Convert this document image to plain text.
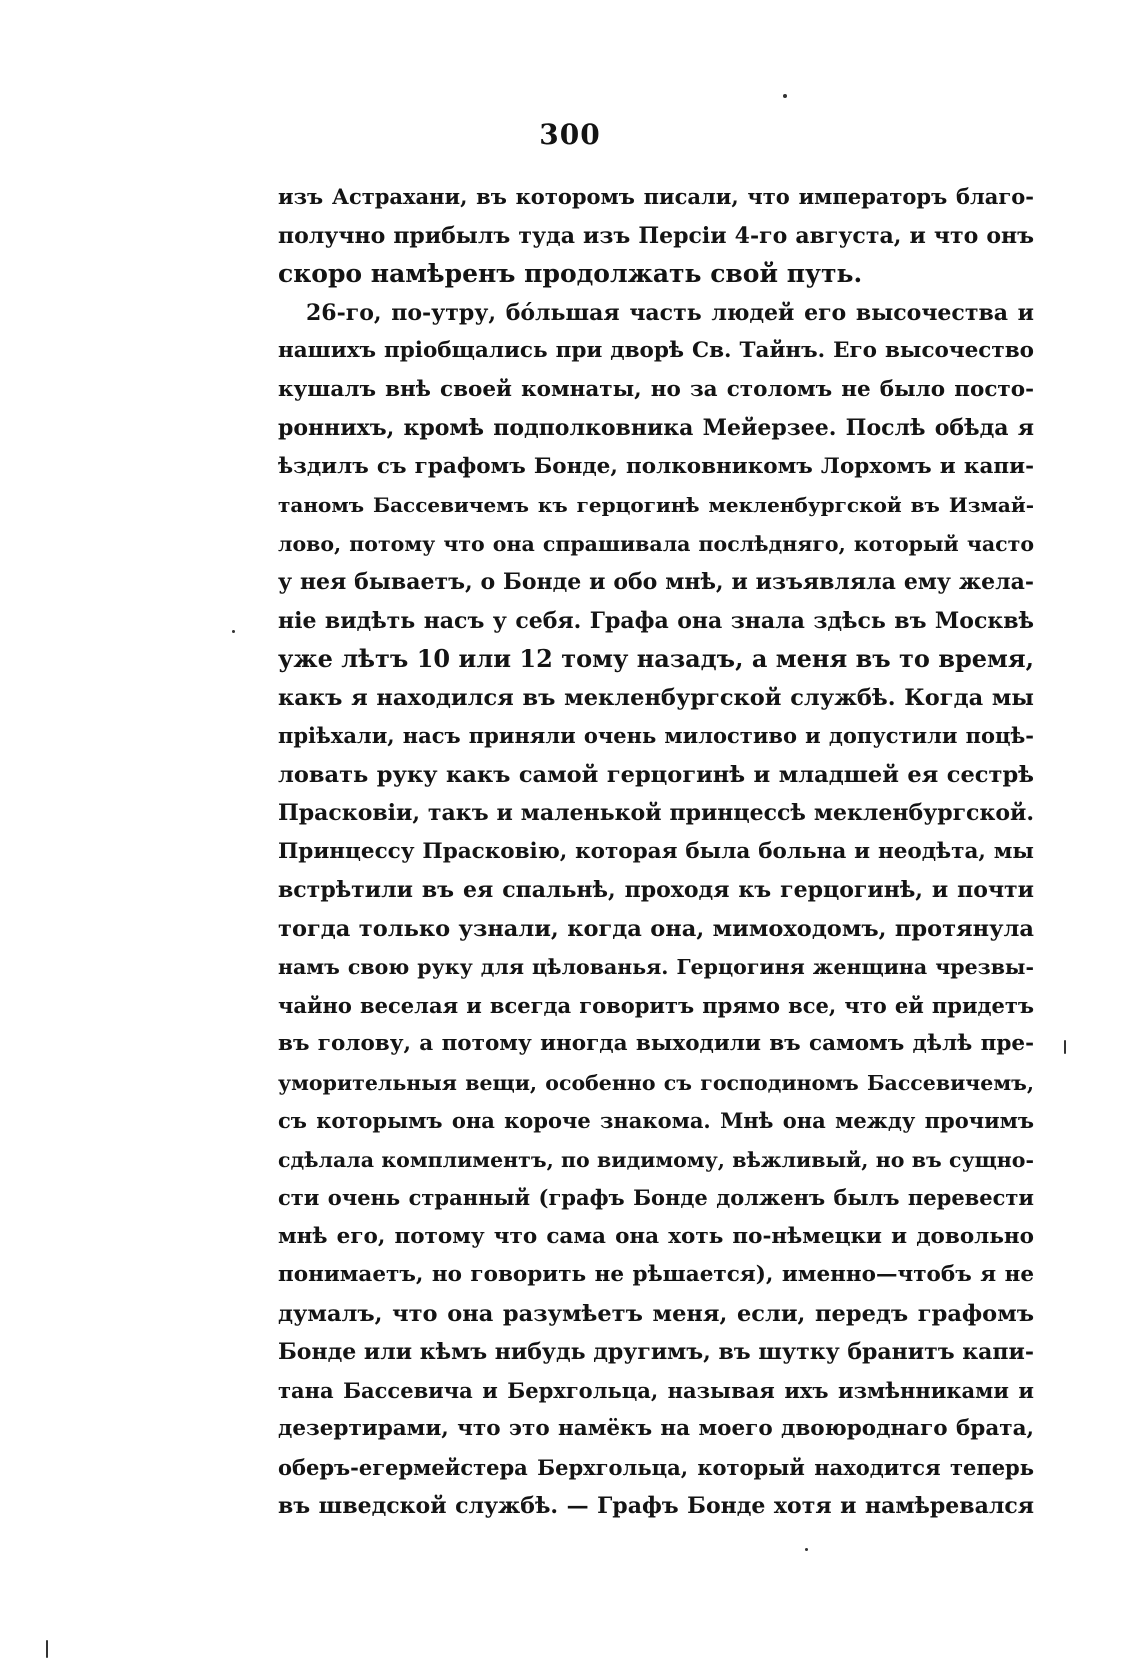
300
изъ Астрахани, въ которомъ писали, что императоръ благо-
получно прибылъ туда изъ Персіи 4-го августа, и что онъ
скоро намѣренъ продолжать свой путь.
26-го, по-утру, бóльшая часть людей его высочества и
нашихъ пріобщались при дворѣ Св. Тайнъ. Его высочество
кушалъ внѣ своей комнаты, но за столомъ не было посто-
роннихъ, кромѣ подполковника Мейерзее. Послѣ обѣда я
ѣздилъ съ графомъ Бонде, полковникомъ Лорхомъ и капи-
таномъ Бассевичемъ къ герцогинѣ мекленбургской въ Измай-
лово, потому что она спрашивала послѣдняго, который часто
у нея бываетъ, о Бонде и обо мнѣ, и изъявляла ему жела-
ніе видѣть насъ у себя. Графа она знала здѣсь въ Москвѣ
уже лѣтъ 10 или 12 тому назадъ, а меня въ то время,
какъ я находился въ мекленбургской службѣ. Когда мы
пріѣхали, насъ приняли очень милостиво и допустили поцѣ-
ловать руку какъ самой герцогинѣ и младшей ея сестрѣ
Прасковіи, такъ и маленькой принцессѣ мекленбургской.
Принцессу Прасковію, которая была больна и неодѣта, мы
встрѣтили въ ея спальнѣ, проходя къ герцогинѣ, и почти
тогда только узнали, когда она, мимоходомъ, протянула
намъ свою руку для цѣлованья. Герцогиня женщина чрезвы-
чайно веселая и всегда говоритъ прямо все, что ей придетъ
въ голову, а потому иногда выходили въ самомъ дѣлѣ пре-
уморительныя вещи, особенно съ господиномъ Бассевичемъ,
съ которымъ она короче знакома. Мнѣ она между прочимъ
сдѣлала комплиментъ, по видимому, вѣжливый, но въ сущно-
сти очень странный (графъ Бонде долженъ былъ перевести
мнѣ его, потому что сама она хоть по-нѣмецки и довольно
понимаетъ, но говорить не рѣшается), именно—чтобъ я не
думалъ, что она разумѣетъ меня, если, передъ графомъ
Бонде или кѣмъ нибудь другимъ, въ шутку бранитъ капи-
тана Бассевича и Берхгольца, называя ихъ измѣнниками и
дезертирами, что это намёкъ на моего двоюроднаго брата,
оберъ-егермейстера Берхгольца, который находится теперь
въ шведской службѣ. — Графъ Бонде хотя и намѣревался
